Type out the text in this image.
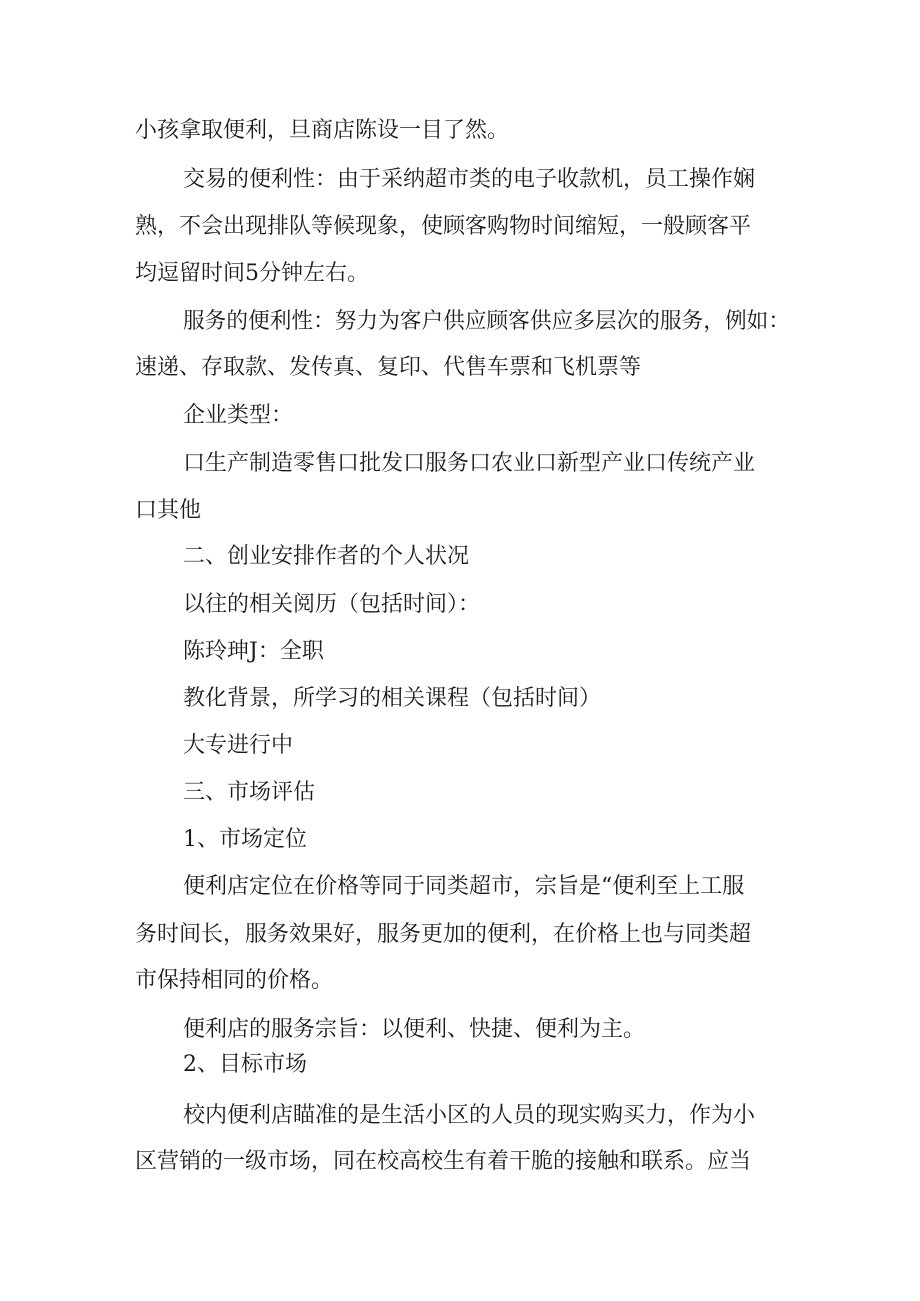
小孩拿取便利，旦商店陈设一目了然。
交易的便利性：由于采纳超市类的电子收款机，员工操作娴
熟，不会出现排队等候现象，使顾客购物时间缩短，一般顾客平
均逗留时间5分钟左右。
服务的便利性：努力为客户供应顾客供应多层次的服务，例如：
速递、存取款、发传真、复印、代售车票和飞机票等
企业类型：
口生产制造零售口批发口服务口农业口新型产业口传统产业
口其他
二、创业安排作者的个人状况
以往的相关阅历（包括时间）：
陈玲珅J：全职
教化背景，所学习的相关课程（包括时间）
大专进行中
三、市场评估
1、市场定位
便利店定位在价格等同于同类超市，宗旨是“便利至上工服
务时间长，服务效果好，服务更加的便利，在价格上也与同类超
市保持相同的价格。
便利店的服务宗旨：以便利、快捷、便利为主。
2、目标市场
校内便利店瞄准的是生活小区的人员的现实购买力，作为小
区营销的一级市场，同在校高校生有着干脆的接触和联系。应当
